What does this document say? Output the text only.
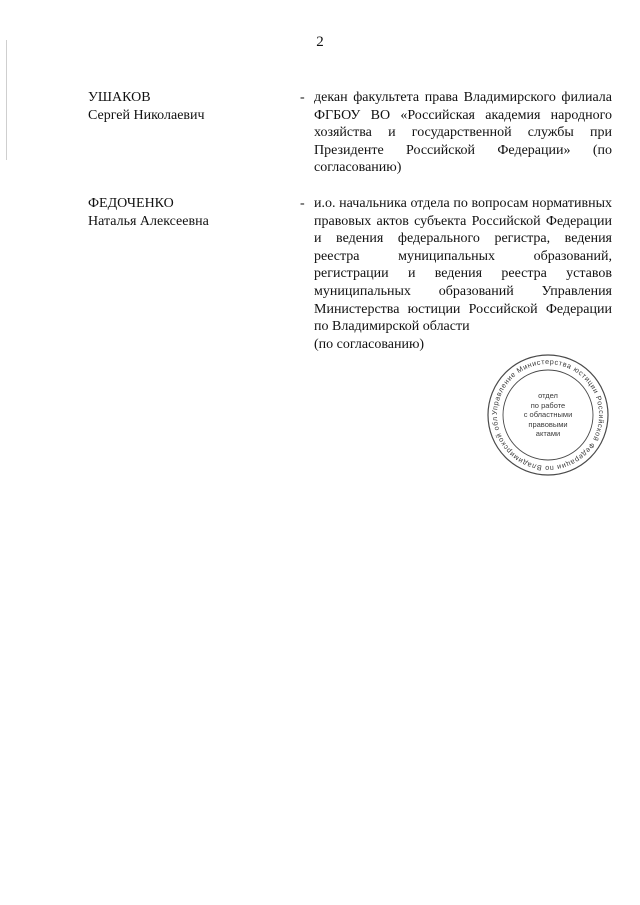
2
УШАКОВ
Сергей Николаевич
- декан факультета права Владимирского филиала ФГБОУ ВО «Российская академия народного хозяйства и государственной службы при Президенте Российской Федерации» (по согласованию)
ФЕДОЧЕНКО
Наталья Алексеевна
- и.о. начальника отдела по вопросам нормативных правовых актов субъекта Российской Федерации и ведения федерального регистра, ведения реестра муниципальных образований, регистрации и ведения реестра уставов муниципальных образований Управления Министерства юстиции Российской Федерации по Владимирской области
(по согласованию)
Управление Министерства юстиции Российской Федерации по Владимирской обл
отдел
по работе
с областными
правовыми
актами
